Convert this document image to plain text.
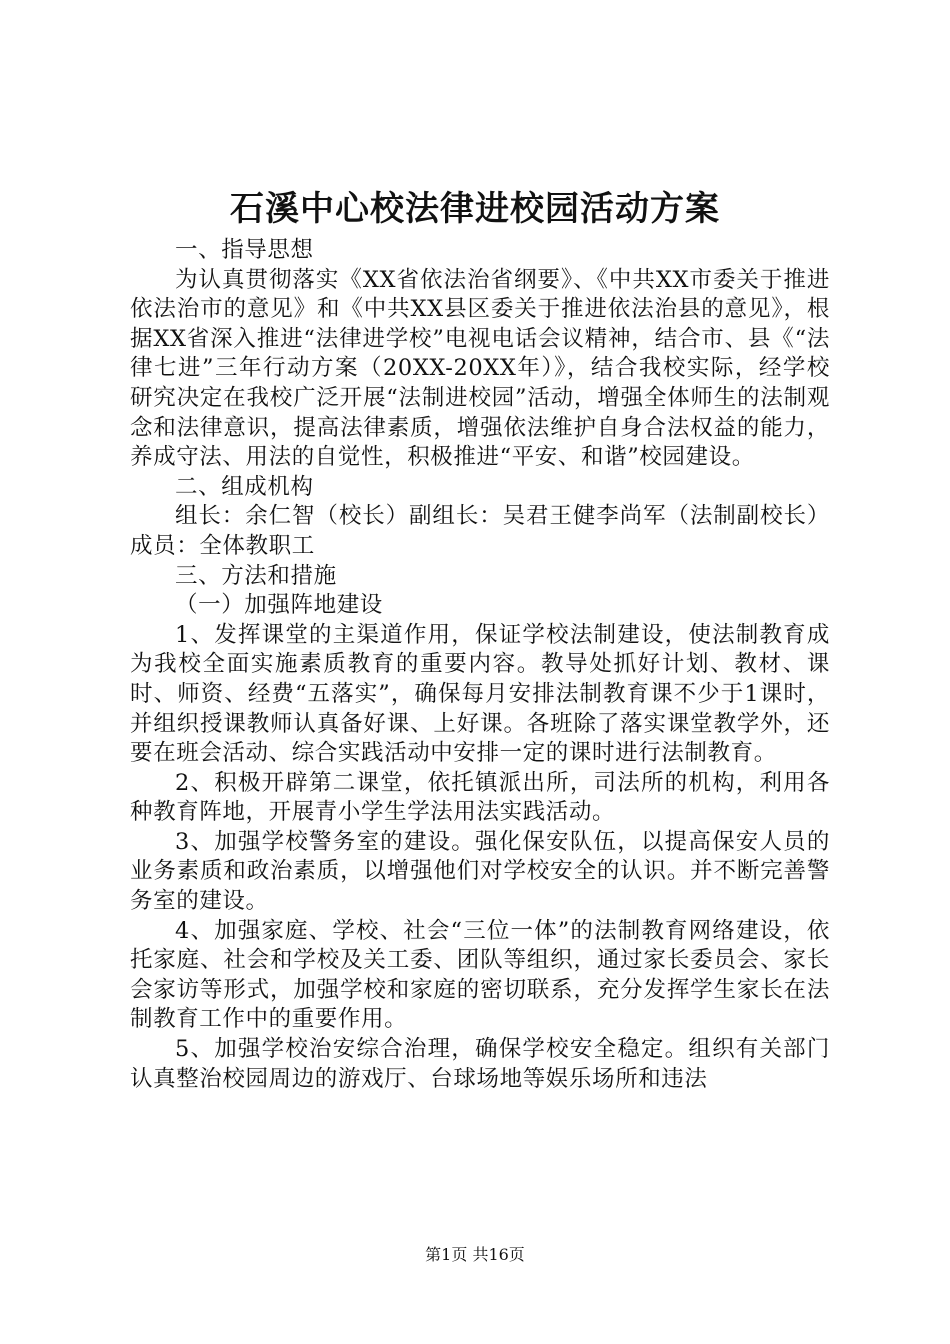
石溪中心校法律进校园活动方案

一、指导思想

为认真贯彻落实《XX省依法治省纲要》、《中共XX市委关于推进依法治市的意见》和《中共XX县区委关于推进依法治县的意见》，根据XX省深入推进“法律进学校”电视电话会议精神，结合市、县《“法律七进”三年行动方案（20XX-20XX年）》，结合我校实际，经学校研究决定在我校广泛开展“法制进校园”活动，增强全体师生的法制观念和法律意识，提高法律素质，增强依法维护自身合法权益的能力，养成守法、用法的自觉性，积极推进“平安、和谐”校园建设。

二、组成机构

组长：余仁智（校长）副组长：吴君王健李尚军（法制副校长）成员：全体教职工

三、方法和措施

（一）加强阵地建设

1、发挥课堂的主渠道作用，保证学校法制建设，使法制教育成为我校全面实施素质教育的重要内容。教导处抓好计划、教材、课时、师资、经费“五落实”，确保每月安排法制教育课不少于1课时，并组织授课教师认真备好课、上好课。各班除了落实课堂教学外，还要在班会活动、综合实践活动中安排一定的课时进行法制教育。

2、积极开辟第二课堂，依托镇派出所，司法所的机构，利用各种教育阵地，开展青小学生学法用法实践活动。

3、加强学校警务室的建设。强化保安队伍，以提高保安人员的业务素质和政治素质，以增强他们对学校安全的认识。并不断完善警务室的建设。

4、加强家庭、学校、社会“三位一体”的法制教育网络建设，依托家庭、社会和学校及关工委、团队等组织，通过家长委员会、家长会家访等形式，加强学校和家庭的密切联系，充分发挥学生家长在法制教育工作中的重要作用。

5、加强学校治安综合治理，确保学校安全稳定。组织有关部门认真整治校园周边的游戏厅、台球场地等娱乐场所和违法

第1页 共16页
